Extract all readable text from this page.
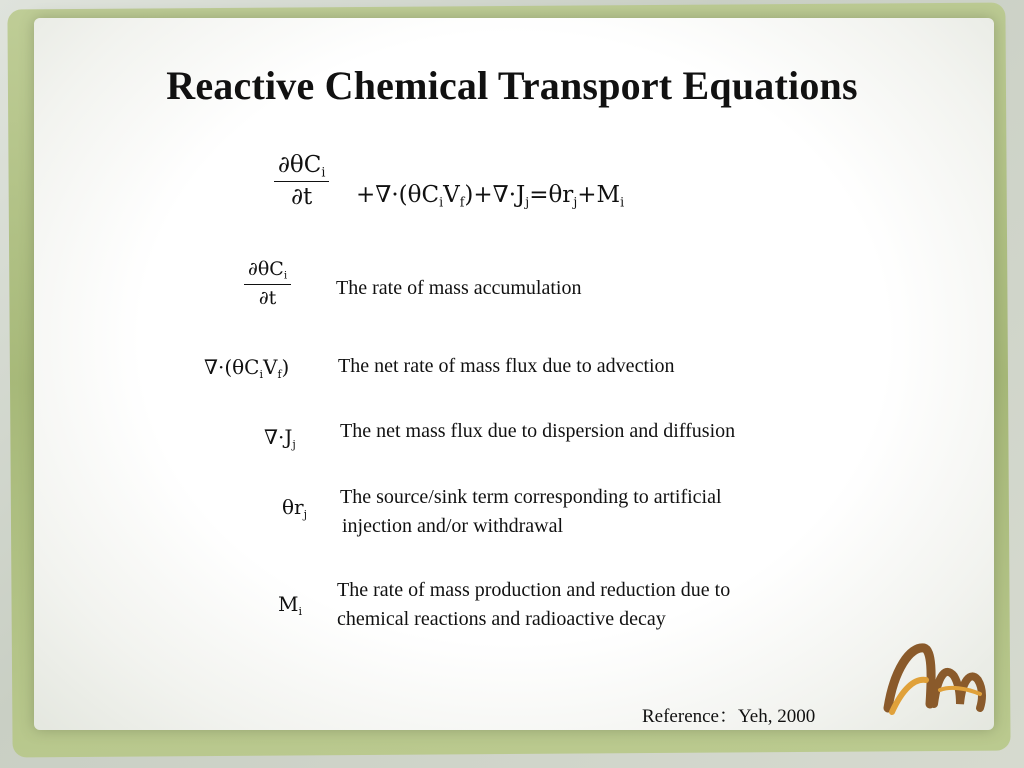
Reactive Chemical Transport Equations
$\partial\theta C_i$
∂t	$+\nabla\cdot(\theta C_iV_f)+\nabla\cdot J_j=\theta r_j+M_i$
$\partial\theta C_i$
∂t	The rate of mass accumulation
$\nabla\cdot(\theta C_iV_f)$ The net rate of mass flux due to advection
$\nabla\cdot J_j$
The net mass flux due to dispersion and diffusion
$\theta r_j$
The source/sink term corresponding to artificial
injection and/or withdrawal
$M_i$
The rate of mass production and reduction due to
chemical reactions and radioactive decay
Reference：Yeh, 2000
